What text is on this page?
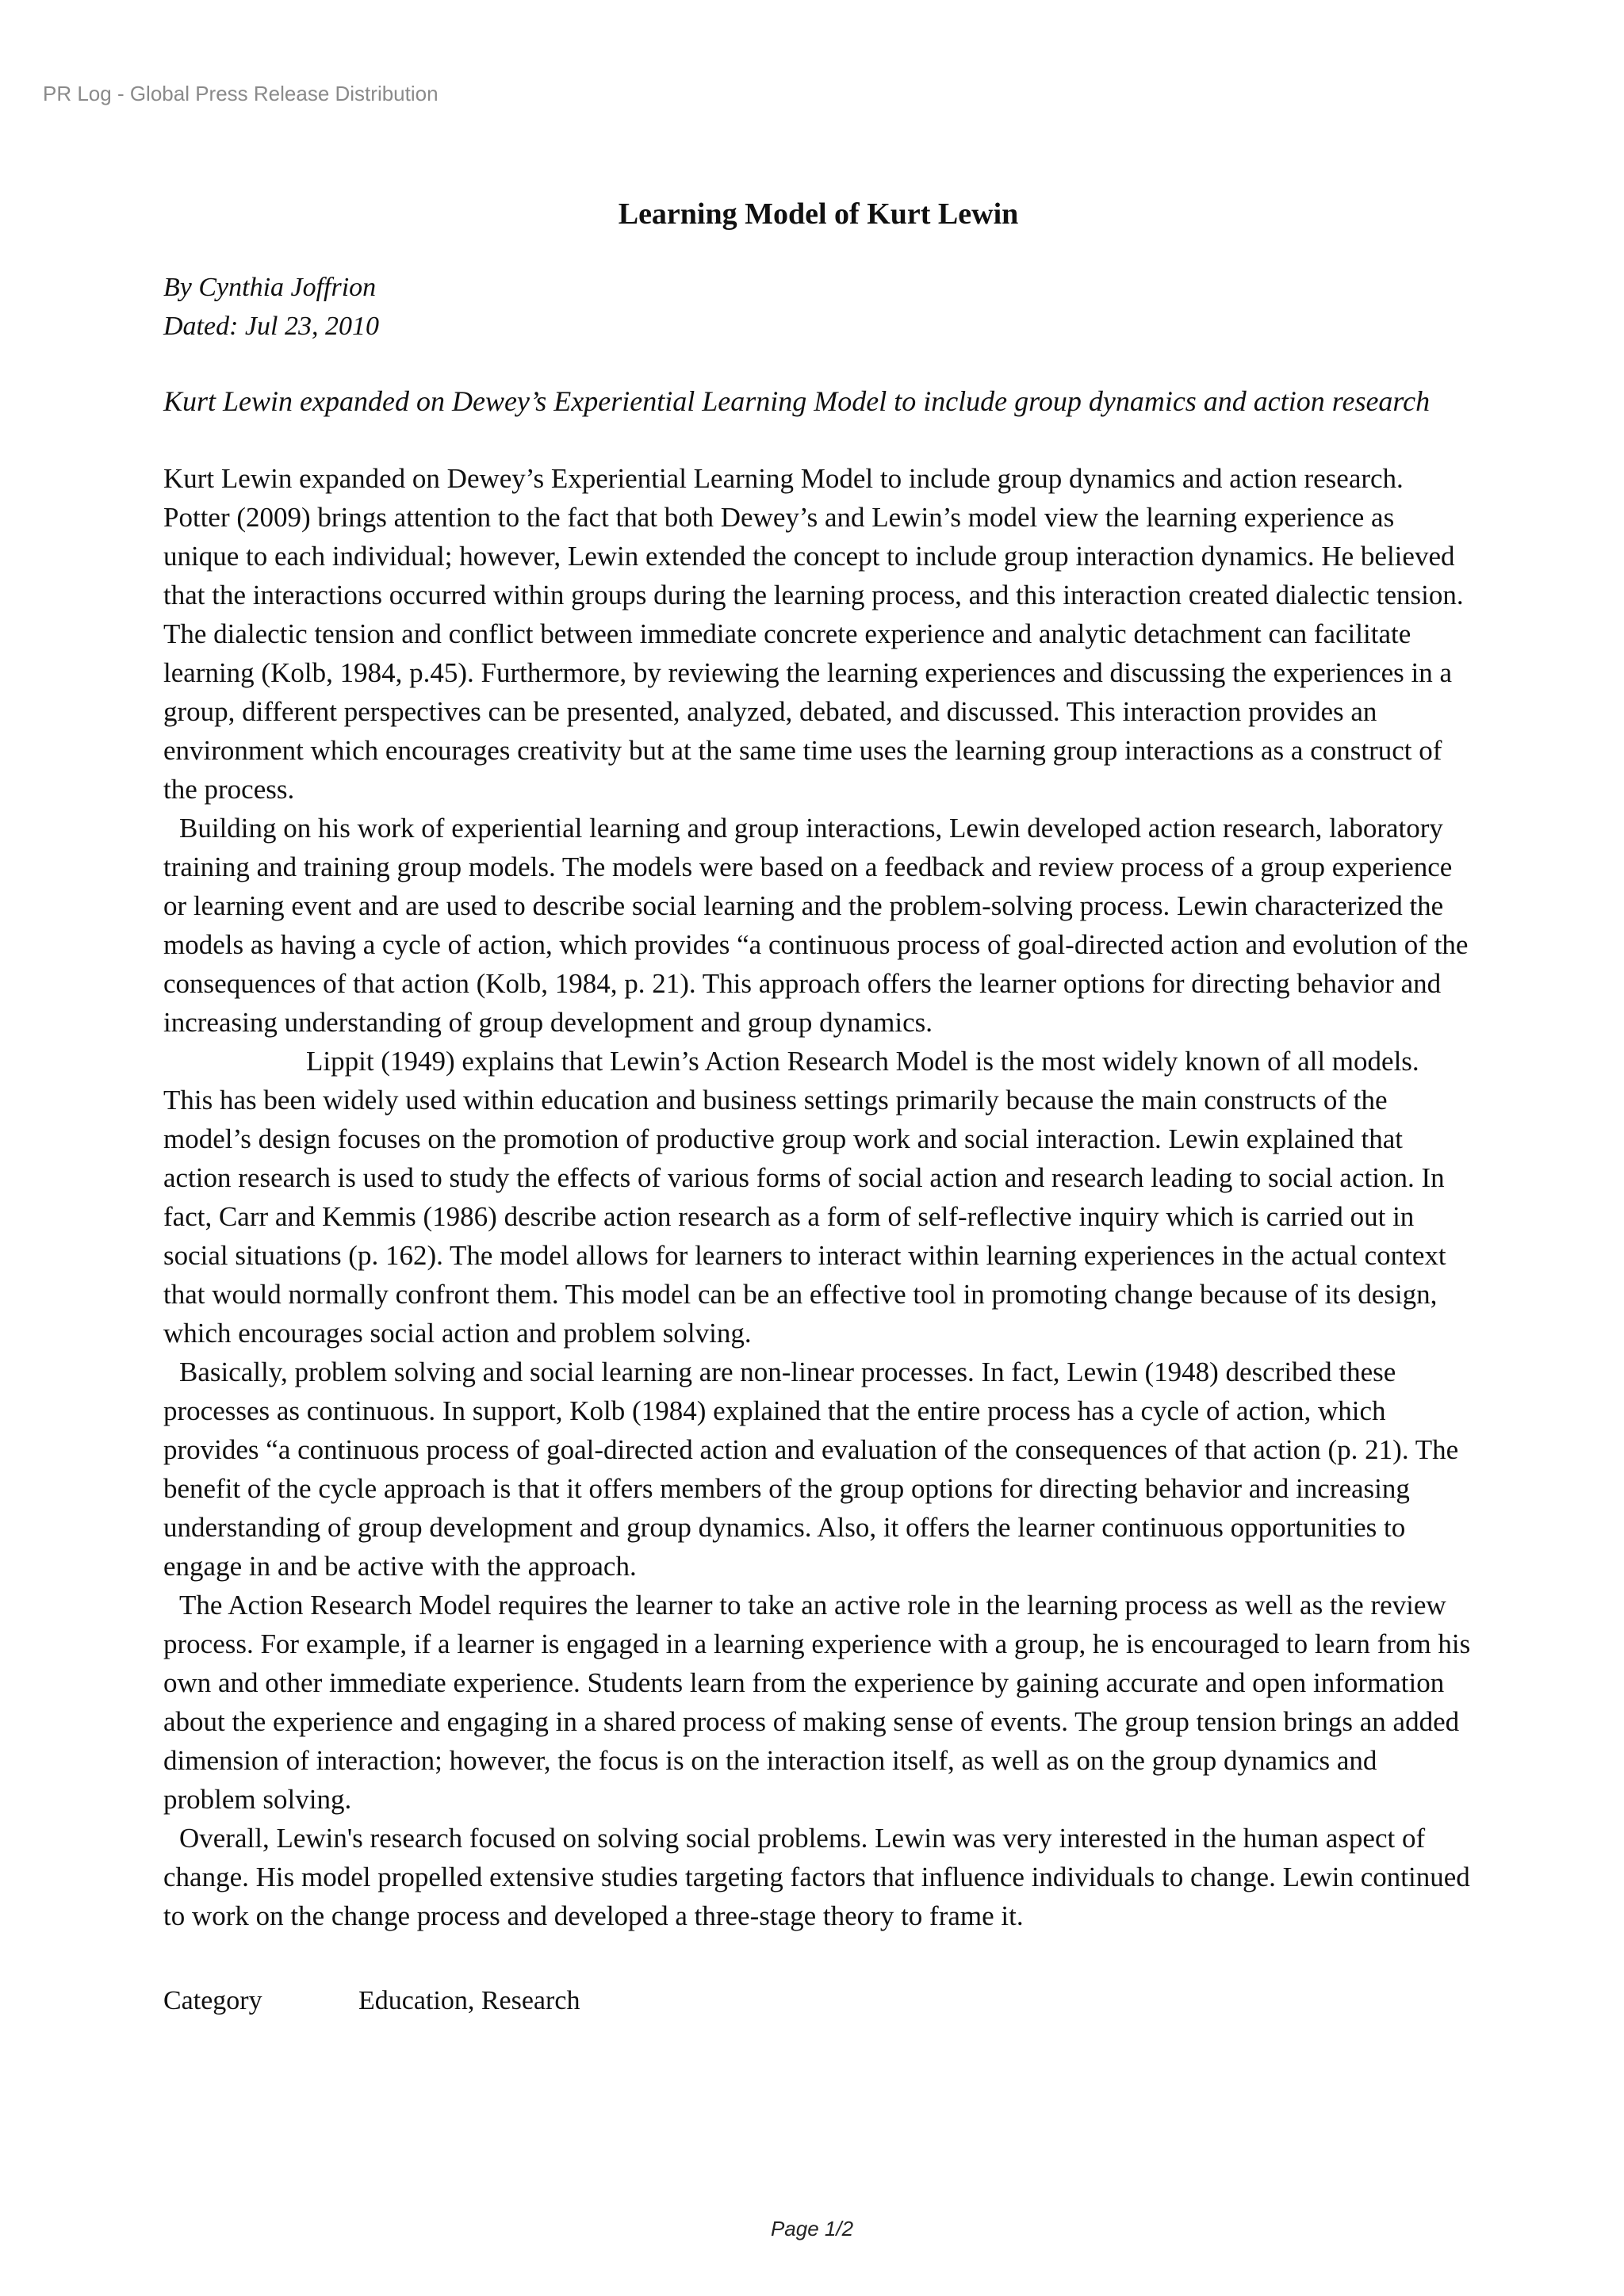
PR Log - Global Press Release Distribution
Learning Model of Kurt Lewin
By Cynthia Joffrion
Dated: Jul 23, 2010
Kurt Lewin expanded on Dewey’s Experiential Learning Model to include group dynamics and action research

Kurt Lewin expanded on Dewey’s Experiential Learning Model to include group dynamics and action research. Potter (2009) brings attention to the fact that both Dewey’s and Lewin’s model view the learning experience as unique to each individual; however, Lewin extended the concept to include group interaction dynamics. He believed that the interactions occurred within groups during the learning process, and this interaction created dialectic tension. The dialectic tension and conflict between immediate concrete experience and analytic detachment can facilitate learning (Kolb, 1984, p.45). Furthermore, by reviewing the learning experiences and discussing the experiences in a group, different perspectives can be presented, analyzed, debated, and discussed. This interaction provides an environment which encourages creativity but at the same time uses the learning group interactions as a construct of the process.

Building on his work of experiential learning and group interactions, Lewin developed action research, laboratory training and training group models. The models were based on a feedback and review process of a group experience or learning event and are used to describe social learning and the problem-solving process. Lewin characterized the models as having a cycle of action, which provides “a continuous process of goal-directed action and evolution of the consequences of that action (Kolb, 1984, p. 21). This approach offers the learner options for directing behavior and increasing understanding of group development and group dynamics.

Lippit (1949) explains that Lewin’s Action Research Model is the most widely known of all models. This has been widely used within education and business settings primarily because the main constructs of the model’s design focuses on the promotion of productive group work and social interaction. Lewin explained that action research is used to study the effects of various forms of social action and research leading to social action. In fact, Carr and Kemmis (1986) describe action research as a form of self-reflective inquiry which is carried out in social situations (p. 162). The model allows for learners to interact within learning experiences in the actual context that would normally confront them. This model can be an effective tool in promoting change because of its design, which encourages social action and problem solving.

Basically, problem solving and social learning are non-linear processes. In fact, Lewin (1948) described these processes as continuous. In support, Kolb (1984) explained that the entire process has a cycle of action, which provides “a continuous process of goal-directed action and evaluation of the consequences of that action (p. 21). The benefit of the cycle approach is that it offers members of the group options for directing behavior and increasing understanding of group development and group dynamics. Also, it offers the learner continuous opportunities to engage in and be active with the approach.

The Action Research Model requires the learner to take an active role in the learning process as well as the review process. For example, if a learner is engaged in a learning experience with a group, he is encouraged to learn from his own and other immediate experience. Students learn from the experience by gaining accurate and open information about the experience and engaging in a shared process of making sense of events. The group tension brings an added dimension of interaction; however, the focus is on the interaction itself, as well as on the group dynamics and problem solving.

Overall, Lewin's research focused on solving social problems. Lewin was very interested in the human aspect of change. His model propelled extensive studies targeting factors that influence individuals to change. Lewin continued to work on the change process and developed a three-stage theory to frame it.

Category	Education, Research
Page 1/2
